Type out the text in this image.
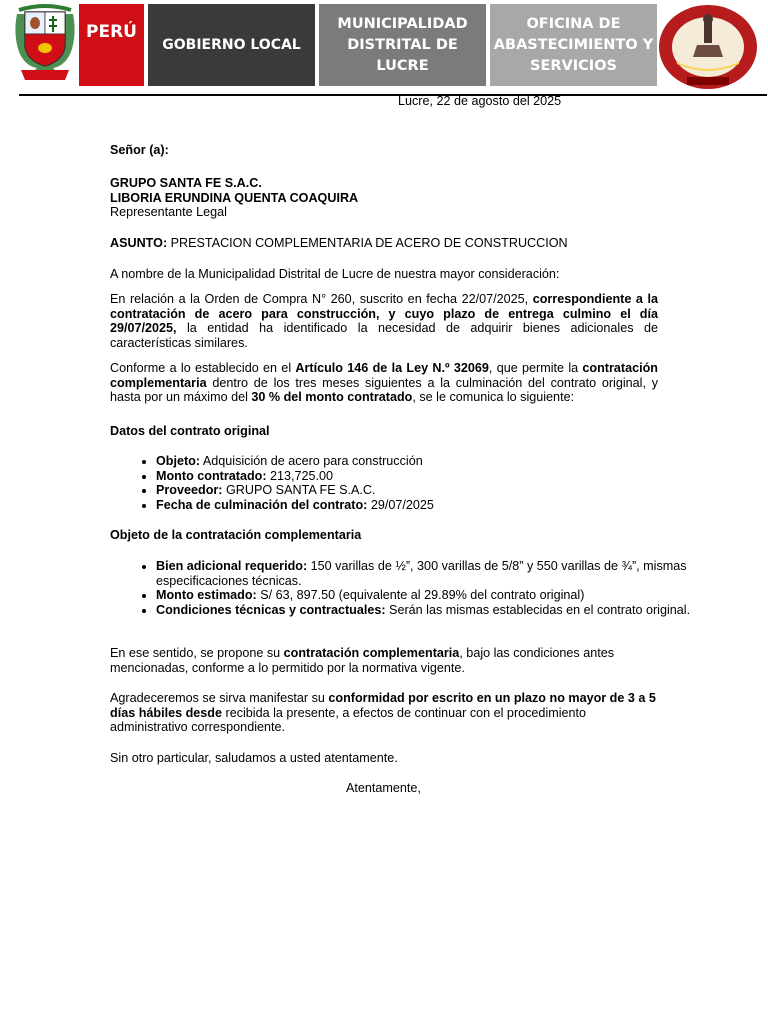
PERÚ
GOBIERNO LOCAL
MUNICIPALIDAD
DISTRITAL DE
LUCRE
OFICINA DE
ABASTECIMIENTO Y
SERVICIOS
Lucre, 22 de agosto del 2025

Señor (a):

GRUPO SANTA FE S.A.C.

LIBORIA ERUNDINA QUENTA COAQUIRA

Representante Legal

ASUNTO: PRESTACION COMPLEMENTARIA DE ACERO DE CONSTRUCCION

A nombre de la Municipalidad Distrital de Lucre de nuestra mayor consideración:

En relación a la Orden de Compra N° 260, suscrito en fecha 22/07/2025, correspondiente a la contratación de acero para construcción, y cuyo plazo de entrega culmino el día 29/07/2025, la entidad ha identificado la necesidad de adquirir bienes adicionales de características similares.

Conforme a lo establecido en el Artículo 146 de la Ley N.º 32069, que permite la contratación complementaria dentro de los tres meses siguientes a la culminación del contrato original, y hasta por un máximo del 30 % del monto contratado, se le comunica lo siguiente:

Datos del contrato original

• Objeto: Adquisición de acero para construcción
• Monto contratado: 213,725.00
• Proveedor: GRUPO SANTA FE S.A.C.
• Fecha de culminación del contrato: 29/07/2025

Objeto de la contratación complementaria

• Bien adicional requerido: 150 varillas de ½”, 300 varillas de 5/8” y 550 varillas de ¾”, mismas especificaciones técnicas.
• Monto estimado: S/ 63, 897.50 (equivalente al 29.89% del contrato original)
• Condiciones técnicas y contractuales: Serán las mismas establecidas en el contrato original.

En ese sentido, se propone su contratación complementaria, bajo las condiciones antes mencionadas, conforme a lo permitido por la normativa vigente.

Agradeceremos se sirva manifestar su conformidad por escrito en un plazo no mayor de 3 a 5 días hábiles desde recibida la presente, a efectos de continuar con el procedimiento administrativo correspondiente.

Sin otro particular, saludamos a usted atentamente.

Atentamente,
